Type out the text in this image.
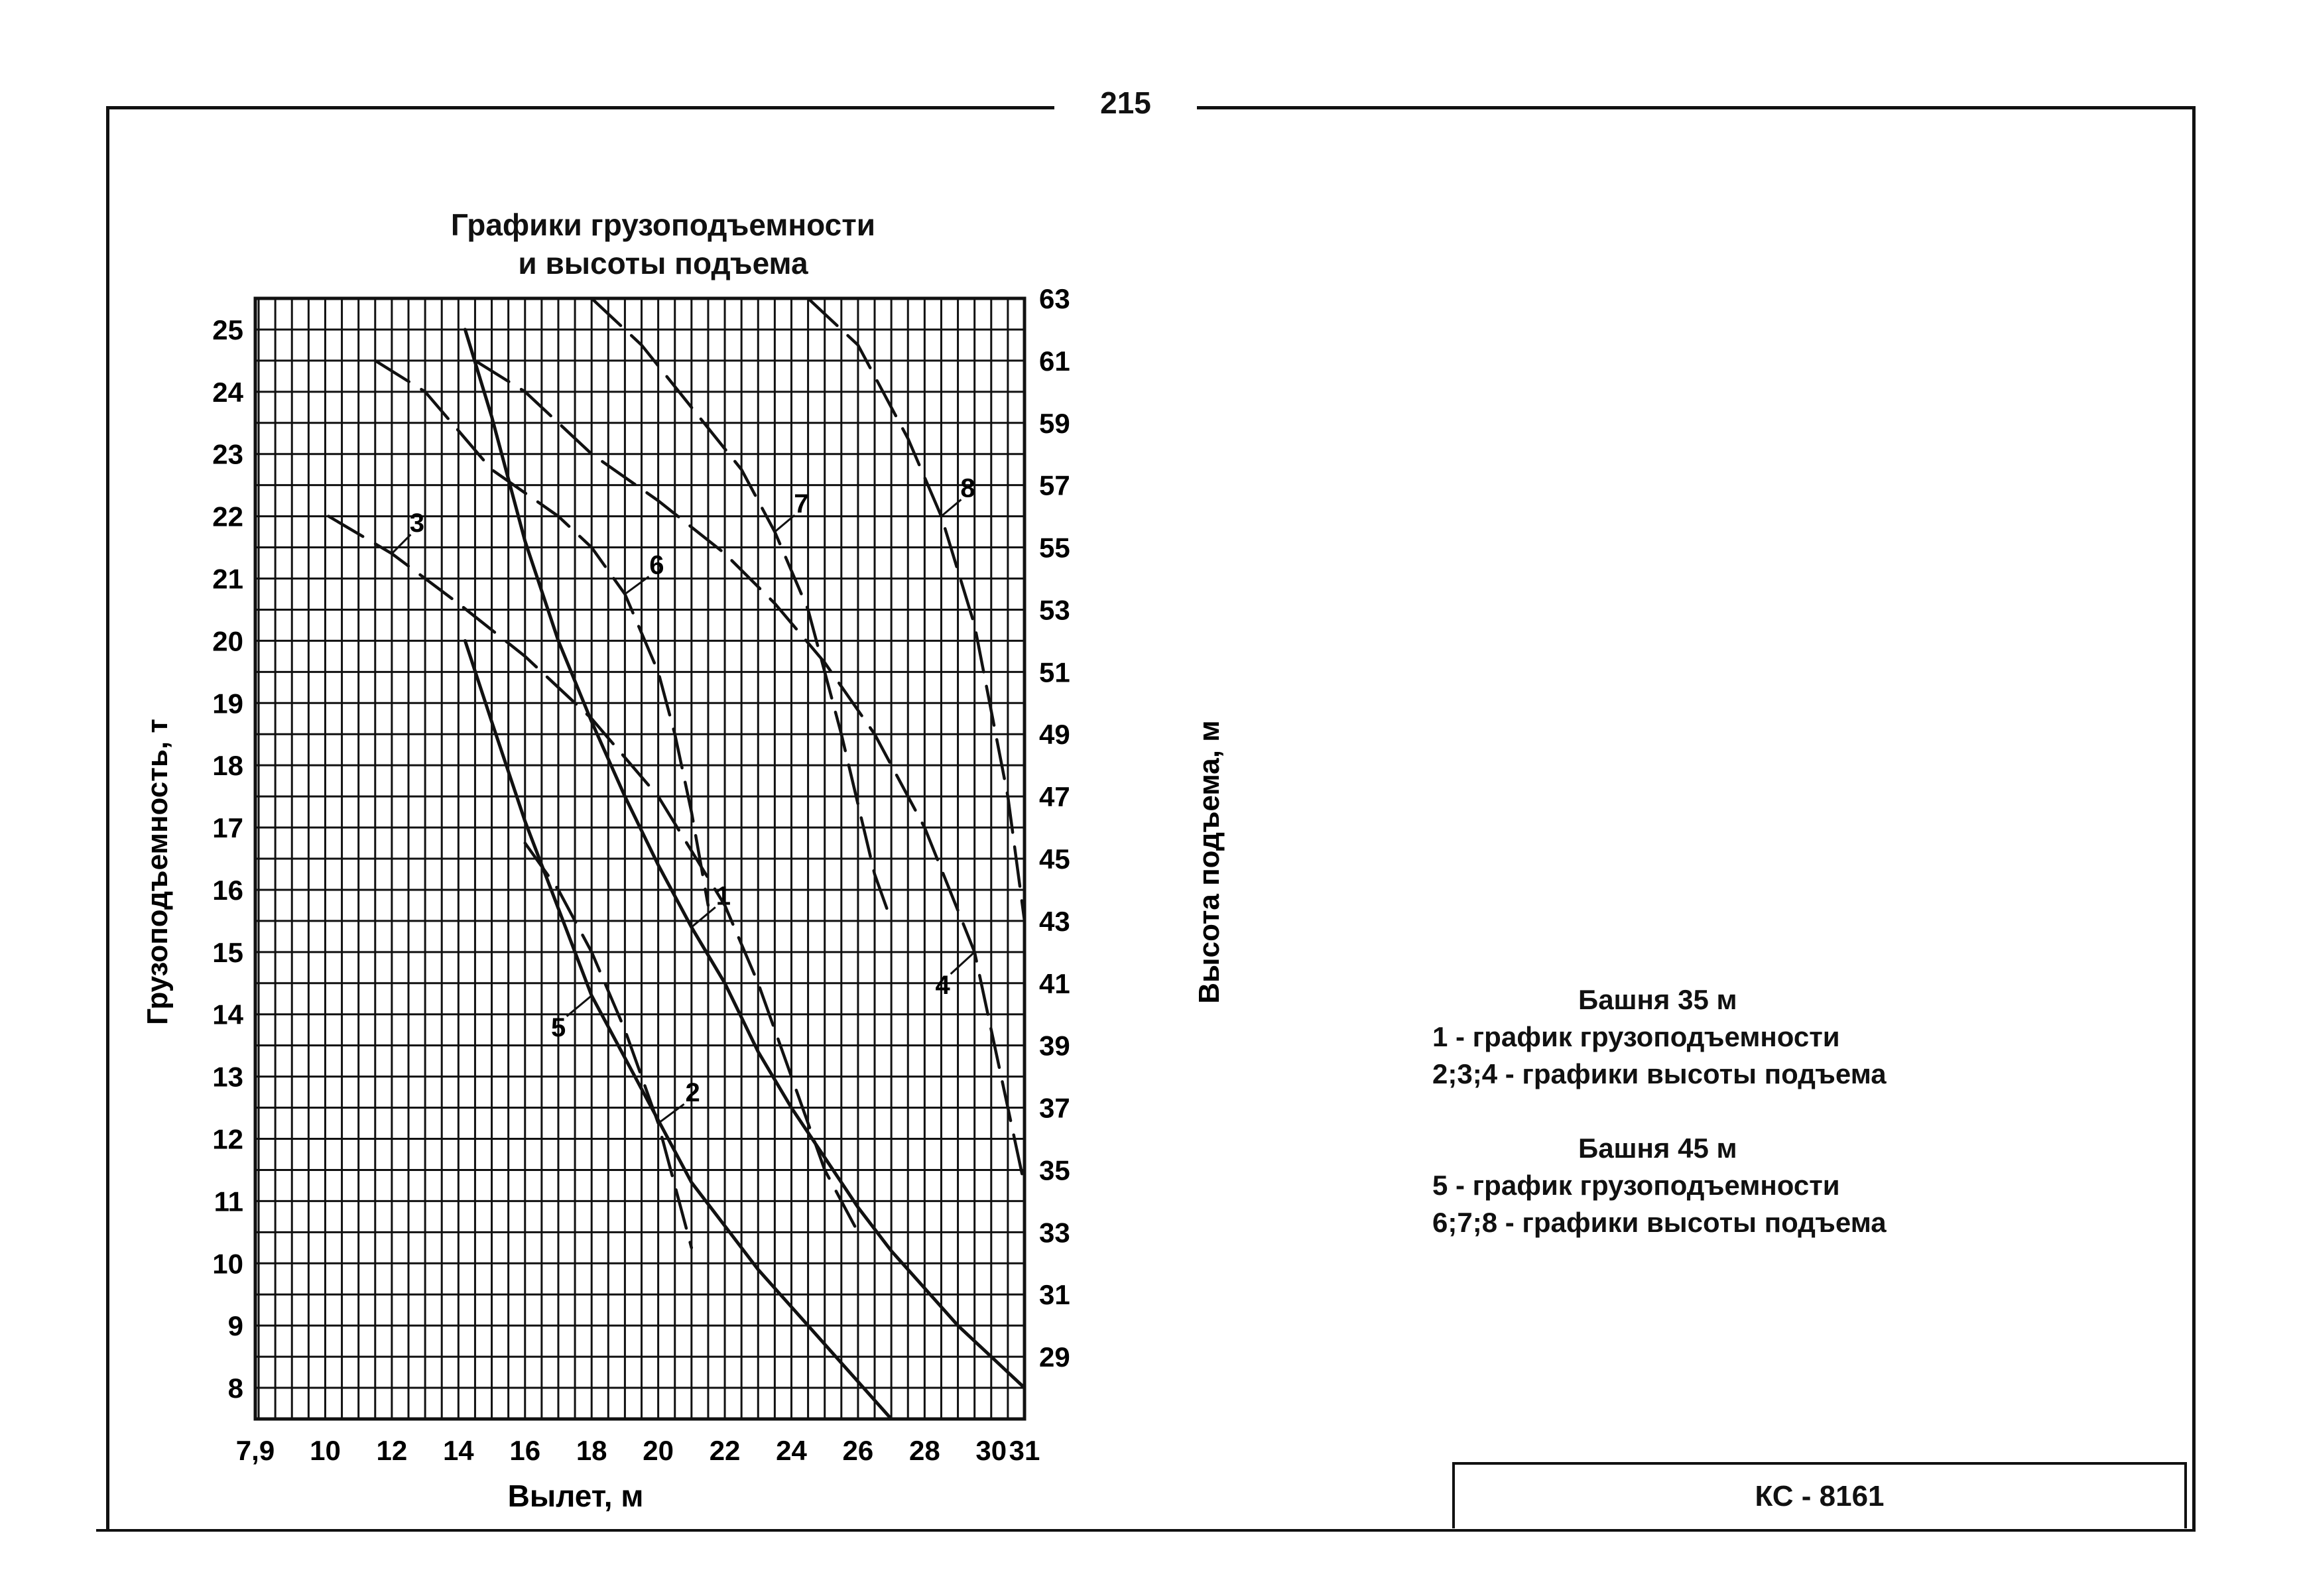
215
Графики грузоподъемности
и высоты подъема
1
2
3
4
5
6
7
8
7,9 10 12 14 16 18 20 22 24 26 28 30 31
8
9
10
11
12
13
14
15
16
17
18
19
20
21
22
23
24
25
29
31
33
35
37
39
41
43
45
47
49
51
53
55
57
59
61
63
Вылет, м
Грузоподъемность, т	Высота подъема, м	Башня 35 м
1 - график грузоподъемности
2;3;4 - графики высоты подъема
Башня 45 м
5 - график грузоподъемности
6;7;8 - графики высоты подъема
КС - 8161
